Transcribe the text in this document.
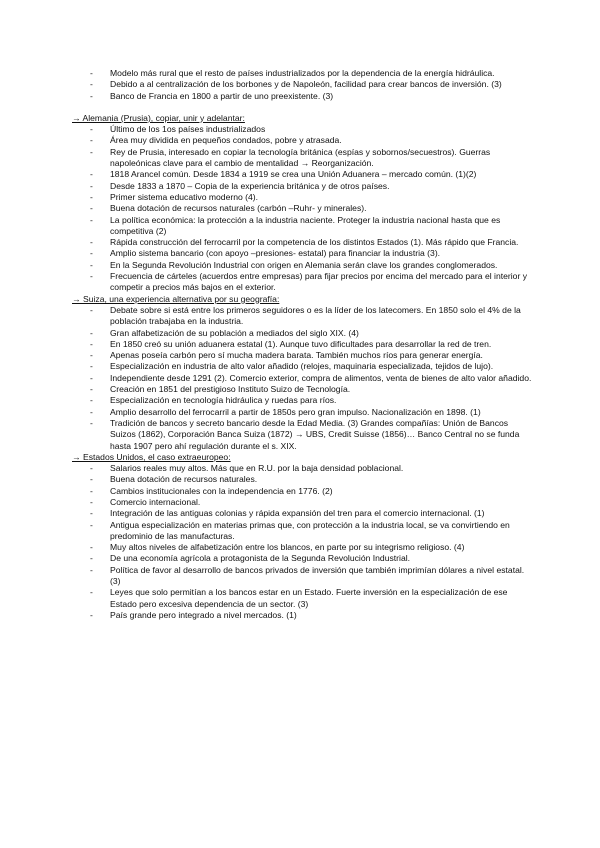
- Modelo más rural que el resto de países industrializados por la dependencia de la energía hidráulica.
- Debido a al centralización de los borbones y de Napoleón, facilidad para crear bancos de inversión. (3)
- Banco de Francia en 1800 a partir de uno preexistente. (3)
→ Alemania (Prusia), copiar, unir y adelantar:
- Último de los 1os países industrializados
- Área muy dividida en pequeños condados, pobre y atrasada.
- Rey de Prusia, interesado en copiar la tecnología británica (espías y sobornos/secuestros). Guerras napoleónicas clave para el cambio de mentalidad → Reorganización.
- 1818 Arancel común. Desde 1834 a 1919 se crea una Unión Aduanera – mercado común. (1)(2)
- Desde 1833 a 1870 – Copia de la experiencia británica y de otros países.
- Primer sistema educativo moderno (4).
- Buena dotación de recursos naturales (carbón –Ruhr- y minerales).
- La política económica: la protección a la industria naciente. Proteger la industria nacional hasta que es competitiva (2)
- Rápida construcción del ferrocarril por la competencia de los distintos Estados (1). Más rápido que Francia.
- Amplio sistema bancario (con apoyo –presiones- estatal) para financiar la industria (3).
- En la Segunda Revolución Industrial con origen en Alemania serán clave los grandes conglomerados.
- Frecuencia de cárteles (acuerdos entre empresas) para fijar precios por encima del mercado para el interior y competir a precios más bajos en el exterior.
→ Suiza, una experiencia alternativa por su geografía:
- Debate sobre si está entre los primeros seguidores o es la líder de los latecomers. En 1850 solo el 4% de la población trabajaba en la industria.
- Gran alfabetización de su población a mediados del siglo XIX. (4)
- En 1850 creó su unión aduanera estatal (1). Aunque tuvo dificultades para desarrollar la red de tren.
- Apenas poseía carbón pero sí mucha madera barata. También muchos ríos para generar energía.
- Especialización en industria de alto valor añadido (relojes, maquinaria especializada, tejidos de lujo).
- Independiente desde 1291 (2). Comercio exterior, compra de alimentos, venta de bienes de alto valor añadido.
- Creación en 1851 del prestigioso Instituto Suizo de Tecnología.
- Especialización en tecnología hidráulica y ruedas para ríos.
- Amplio desarrollo del ferrocarril a partir de 1850s pero gran impulso. Nacionalización en 1898. (1)
- Tradición de bancos y secreto bancario desde la Edad Media. (3) Grandes compañías: Unión de Bancos Suizos (1862), Corporación Banca Suiza (1872) → UBS, Credit Suisse (1856)… Banco Central no se funda hasta 1907 pero ahí regulación durante el s. XIX.
→ Estados Unidos, el caso extraeuropeo:
- Salarios reales muy altos. Más que en R.U. por la baja densidad poblacional.
- Buena dotación de recursos naturales.
- Cambios institucionales con la independencia en 1776. (2)
- Comercio internacional.
- Integración de las antiguas colonias y rápida expansión del tren para el comercio internacional. (1)
- Antigua especialización en materias primas que, con protección a la industria local, se va convirtiendo en predominio de las manufacturas.
- Muy altos niveles de alfabetización entre los blancos, en parte por su integrismo religioso. (4)
- De una economía agrícola a protagonista de la Segunda Revolución Industrial.
- Política de favor al desarrollo de bancos privados de inversión que también imprimían dólares a nivel estatal. (3)
- Leyes que solo permitían a los bancos estar en un Estado. Fuerte inversión en la especialización de ese Estado pero excesiva dependencia de un sector. (3)
- País grande pero integrado a nivel mercados. (1)
